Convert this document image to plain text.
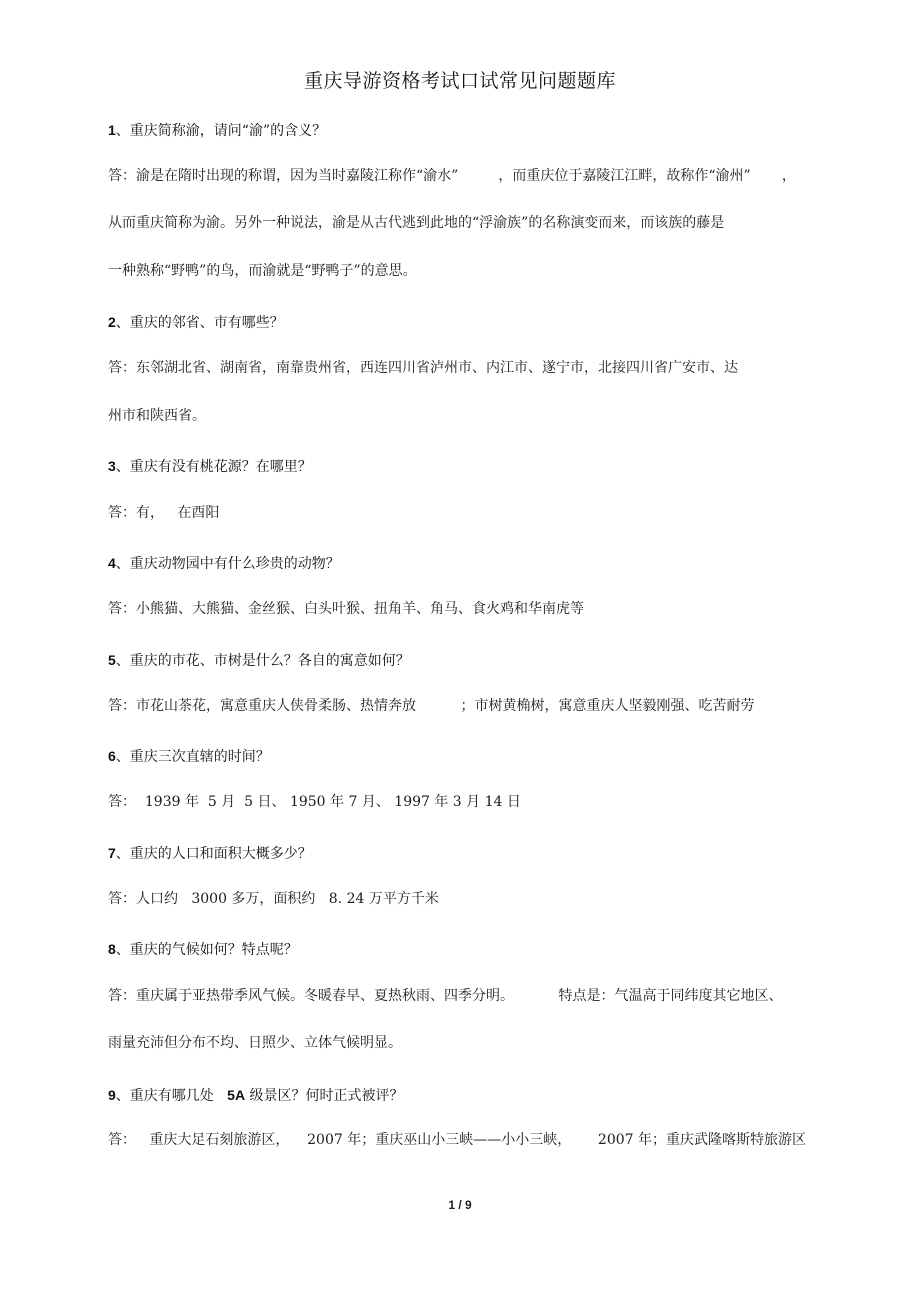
重庆导游资格考试口试常见问题题库
1、重庆简称渝，请问“渝”的含义？
答：渝是在隋时出现的称谓，因为当时嘉陵江称作“渝水”         ，而重庆位于嘉陵江江畔，故称作“渝州”       ，
从而重庆简称为渝。另外一种说法，渝是从古代逃到此地的“浮渝族”的名称演变而来，而该族的藤是
一种熟称“野鸭”的鸟，而渝就是“野鸭子”的意思。
2、重庆的邻省、市有哪些？
答：东邻湖北省、湖南省，南靠贵州省，西连四川省泸州市、内江市、遂宁市，北接四川省广安市、达
州市和陕西省。
3、重庆有没有桃花源？在哪里？
答：有，   在酉阳
4、重庆动物园中有什么珍贵的动物？
答：小熊猫、大熊猫、金丝猴、白头叶猴、扭角羊、角马、食火鸡和华南虎等
5、重庆的市花、市树是什么？各自的寓意如何？
答：市花山茶花，寓意重庆人侠骨柔肠、热情奔放          ；市树黄桷树，寓意重庆人坚毅刚强、吃苦耐劳
6、重庆三次直辖的时间？
答：  1939 年  5 月  5 日、 1950 年 7 月、 1997 年 3 月 14 日
7、重庆的人口和面积大概多少？
答：人口约   3000 多万，面积约   8. 24 万平方千米
8、重庆的气候如何？特点呢？
答：重庆属于亚热带季风气候。冬暖春早、夏热秋雨、四季分明。          特点是：气温高于同纬度其它地区、
雨量充沛但分布不均、日照少、立体气候明显。
9、重庆有哪几处   5A 级景区？何时正式被评？
答：   重庆大足石刻旅游区，    2007 年；重庆巫山小三峡——小小三峡，      2007 年；重庆武隆喀斯特旅游区
1 / 9
